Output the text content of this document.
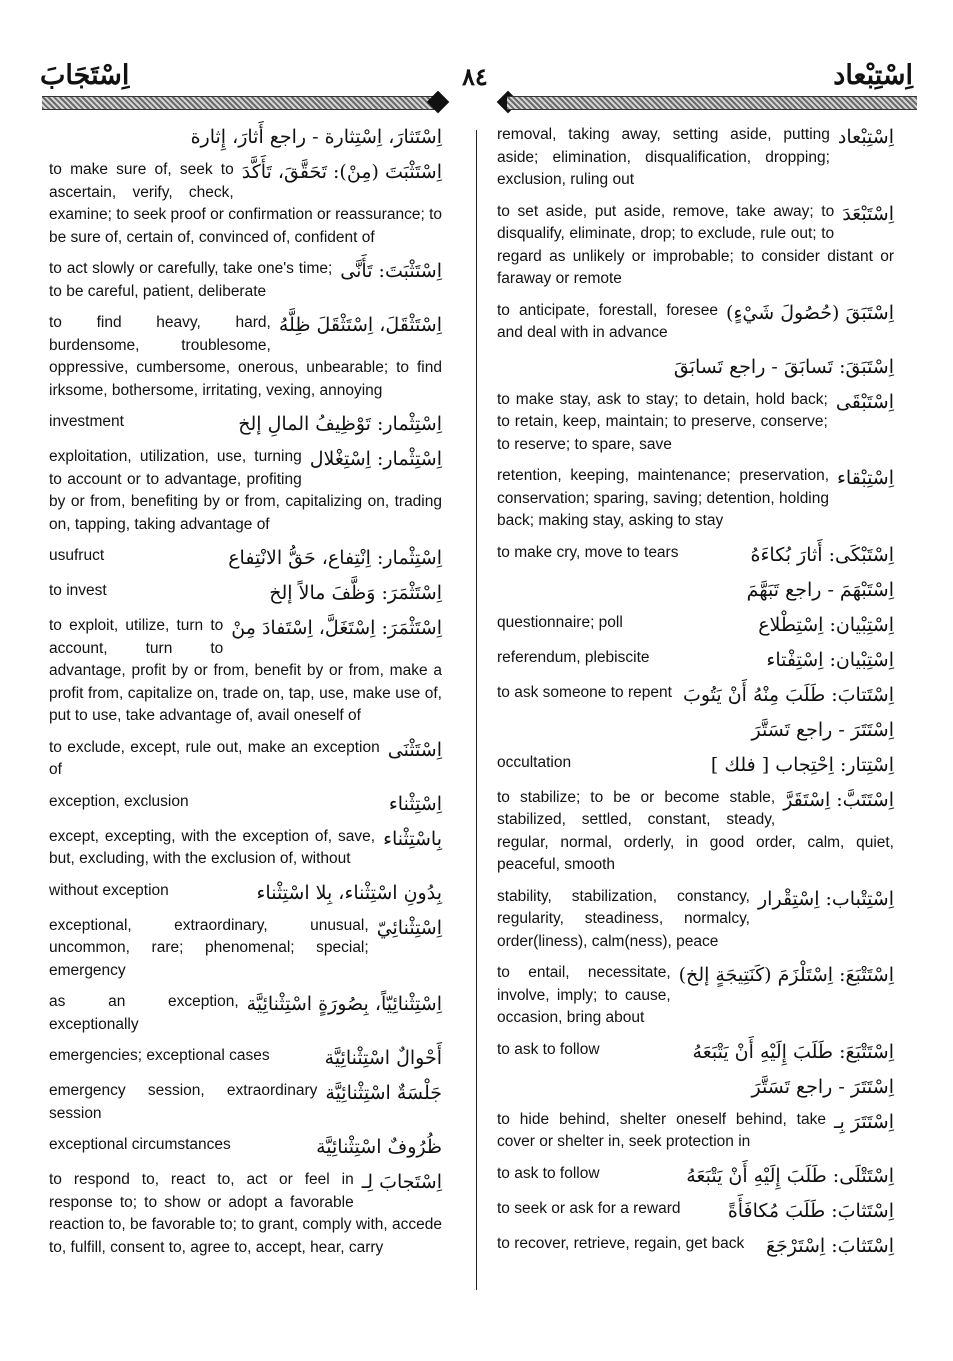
اِسْتَجَابَ	٨٤	اِسْتِبْعاد
اِسْتَثارَ، اِسْتِثارة - راجع أَثارَ، إِثارة
اِسْتَثْبَتَ (مِنْ): تَحَقَّقَ، تَأَكَّدَ
to make sure of, seek to ascertain, verify, check, examine; to seek proof or confirmation or reassurance; to be sure of, certain of, convinced of, confident of
اِسْتَثْبَتَ: تَأَنَّى
to act slowly or carefully, take one's time; to be careful, patient, deliberate
اِسْتَثْقَلَ، اِسْتَثْقَلَ ظِلَّهُ
to find heavy, hard, burdensome, troublesome, oppressive, cumbersome, onerous, unbearable; to find irksome, bothersome, irritating, vexing, annoying
اِسْتِثْمار: تَوْظِيفُ المالِ إلخ
investment
اِسْتِثْمار: اِسْتِغْلال
exploitation, utilization, use, turning to account or to advantage, profiting by or from, benefiting by or from, capitalizing on, trading on, tapping, taking advantage of
اِسْتِثْمار: اِنْتِفاع، حَقُّ الانْتِفاع
usufruct
اِسْتَثْمَرَ: وَظَّفَ مالاً إلخ
to invest
اِسْتَثْمَرَ: اِسْتَغَلَّ، اِسْتَفادَ مِنْ
to exploit, utilize, turn to account, turn to advantage, profit by or from, benefit by or from, make a profit from, capitalize on, trade on, tap, use, make use of, put to use, take advantage of, avail oneself of
اِسْتَثْنَى
to exclude, except, rule out, make an exception of
اِسْتِثْناء
exception, exclusion
بِاسْتِثْناء
except, excepting, with the exception of, save, but, excluding, with the exclusion of, without
بِدُونِ اسْتِثْناء، بِلا اسْتِثْناء
without exception
اِسْتِثْنائِيّ
exceptional, extraordinary, unusual, uncommon, rare; phenomenal; special; emergency
اِسْتِثْنائِيّاً، بِصُورَةٍ اسْتِثْنائِيَّة
as an exception, exceptionally
أَحْوالٌ اسْتِثْنائِيَّة
emergencies; exceptional cases
جَلْسَةٌ اسْتِثْنائِيَّة
emergency session, extraordinary session
ظُرُوفٌ اسْتِثْنائِيَّة
exceptional circumstances
اِسْتَجابَ لِـ
to respond to, react to, act or feel in response to; to show or adopt a favorable reaction to, be favorable to; to grant, comply with, accede to, fulfill, consent to, agree to, accept, hear, carry
اِسْتِبْعاد
removal, taking away, setting aside, putting aside; elimination, disqualification, dropping; exclusion, ruling out
اِسْتَبْعَدَ
to set aside, put aside, remove, take away; to disqualify, eliminate, drop; to exclude, rule out; to regard as unlikely or improbable; to consider distant or faraway or remote
اِسْتَبَقَ (حُصُولَ شَيْءٍ)
to anticipate, forestall, foresee and deal with in advance
اِسْتَبَقَ: تَسابَقَ - راجع تَسابَقَ
اِسْتَبْقَى
to make stay, ask to stay; to detain, hold back; to retain, keep, maintain; to preserve, conserve; to reserve; to spare, save
اِسْتِبْقاء
retention, keeping, maintenance; preservation, conservation; sparing, saving; detention, holding back; making stay, asking to stay
اِسْتَبْكَى: أَثارَ بُكاءَهُ
to make cry, move to tears
اِسْتَبْهَمَ - راجع تَبَهَّمَ
اِسْتِبْيان: اِسْتِطْلاع
questionnaire; poll
اِسْتِبْيان: اِسْتِفْتاء
referendum, plebiscite
اِسْتَتابَ: طَلَبَ مِنْهُ أَنْ يَتُوبَ
to ask someone to repent
اِسْتَتَرَ - راجع تَسَتَّرَ
اِسْتِتار: اِحْتِجاب [ فلك ]
occultation
اِسْتَتَبَّ: اِسْتَقَرَّ
to stabilize; to be or become stable, stabilized, settled, constant, steady, regular, normal, orderly, in good order, calm, quiet, peaceful, smooth
اِسْتِتْباب: اِسْتِقْرار
stability, stabilization, constancy, regularity, steadiness, normalcy, order(liness), calm(ness), peace
اِسْتَتْبَعَ: اِسْتَلْزَمَ (كَنَتِيجَةٍ إلخ)
to entail, necessitate, involve, imply; to cause, occasion, bring about
اِسْتَتْبَعَ: طَلَبَ إِلَيْهِ أَنْ يَتْبَعَهُ
to ask to follow
اِسْتَتَرَ - راجع تَسَتَّرَ
اِسْتَتَرَ بِـ
to hide behind, shelter oneself behind, take cover or shelter in, seek protection in
اِسْتَتْلَى: طَلَبَ إِلَيْهِ أَنْ يَتْبَعَهُ
to ask to follow
اِسْتَثابَ: طَلَبَ مُكافَأَةً
to seek or ask for a reward
اِسْتَثابَ: اِسْتَرْجَعَ
to recover, retrieve, regain, get back
